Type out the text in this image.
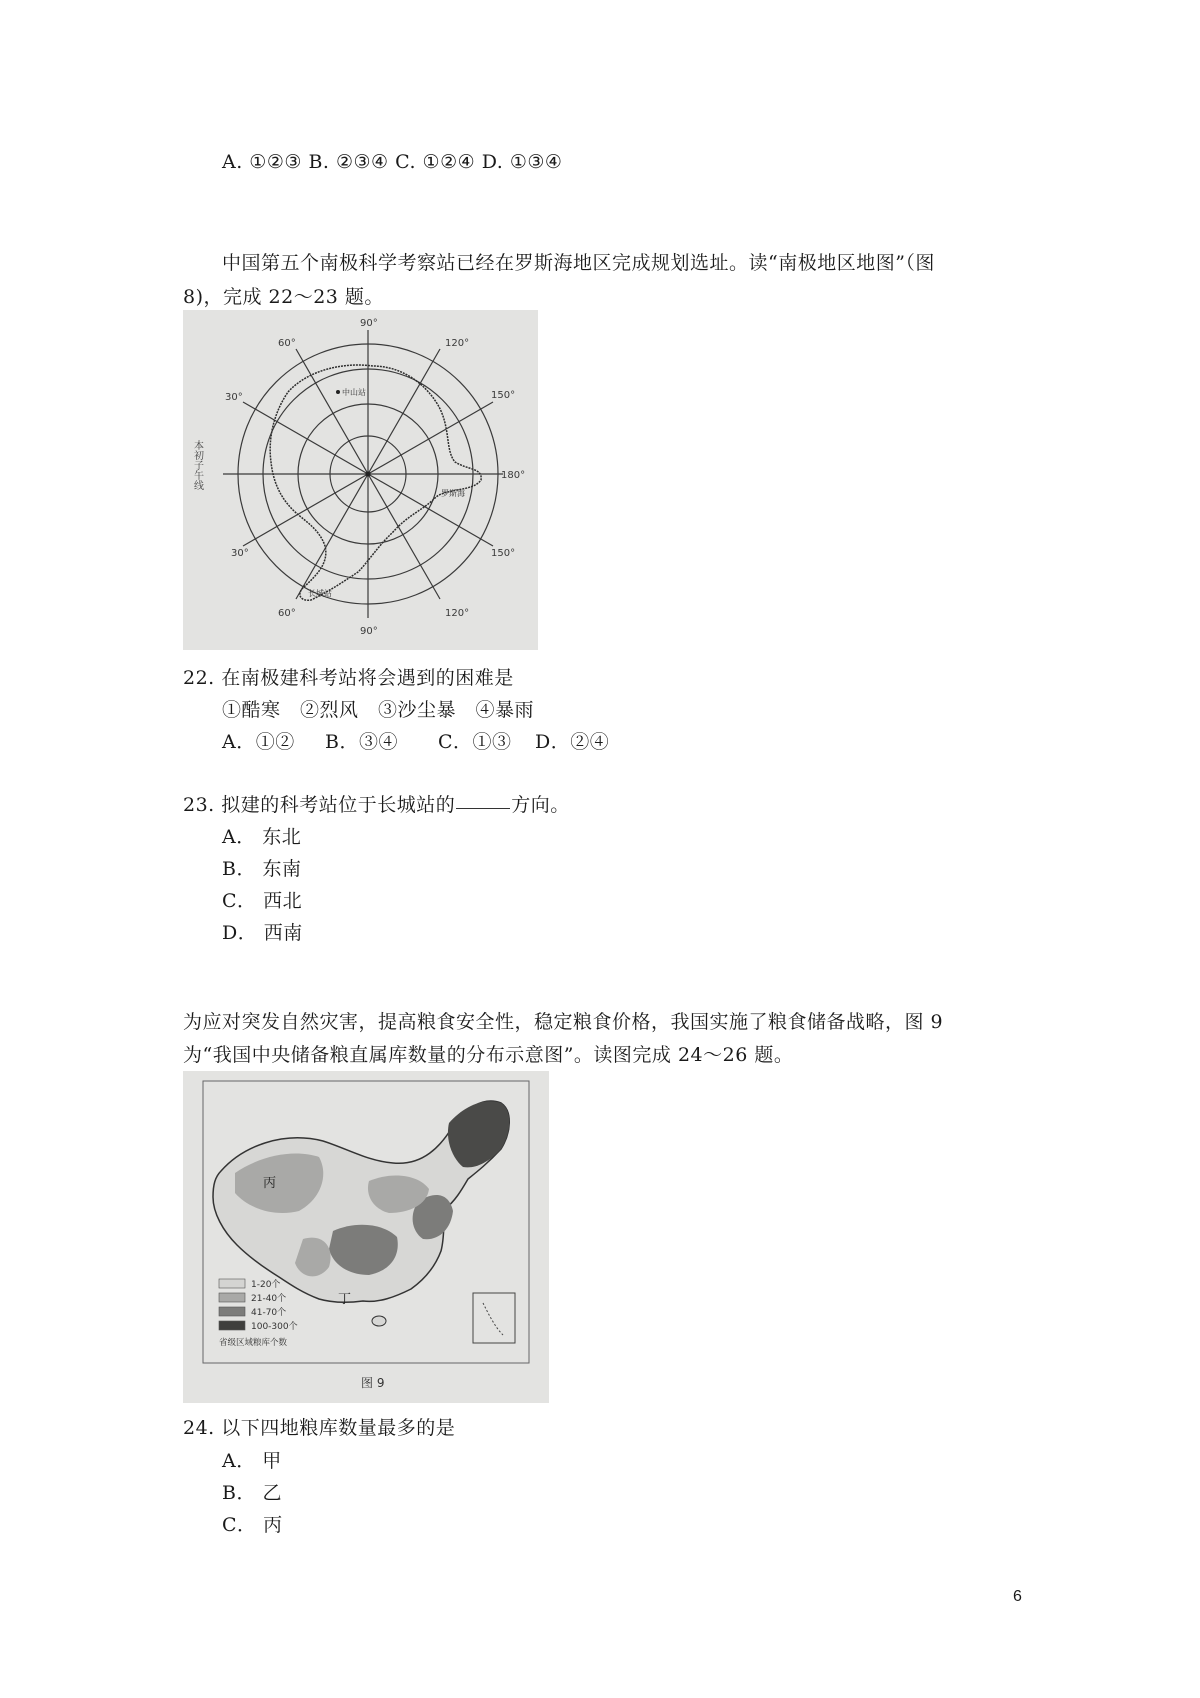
A. ①②③ B. ②③④ C. ①②④ D. ①③④
中国第五个南极科学考察站已经在罗斯海地区完成规划选址。读“南极地区地图”（图
8)，完成 22～23 题。
90°
60°	120°
30°	150°
180°
150°
30°
60°
90°
120°
本初子午线
中山站
长城站
罗斯海
22. 在南极建科考站将会遇到的困难是
①酷寒　②烈风　③沙尘暴　④暴雨
A．①② B．③④ C．①③ D．②④
23. 拟建的科考站位于长城站的	方向。
A． 东北
B． 东南
C． 西北
D． 西南
为应对突发自然灾害，提高粮食安全性，稳定粮食价格，我国实施了粮食储备战略，图 9
为“我国中央储备粮直属库数量的分布示意图”。读图完成 24～26 题。
丙
丁
1-20个
21-40个
41-70个
100-300个
省级区域粮库个数
图 9
24. 以下四地粮库数量最多的是
A． 甲
B． 乙
C． 丙
6
